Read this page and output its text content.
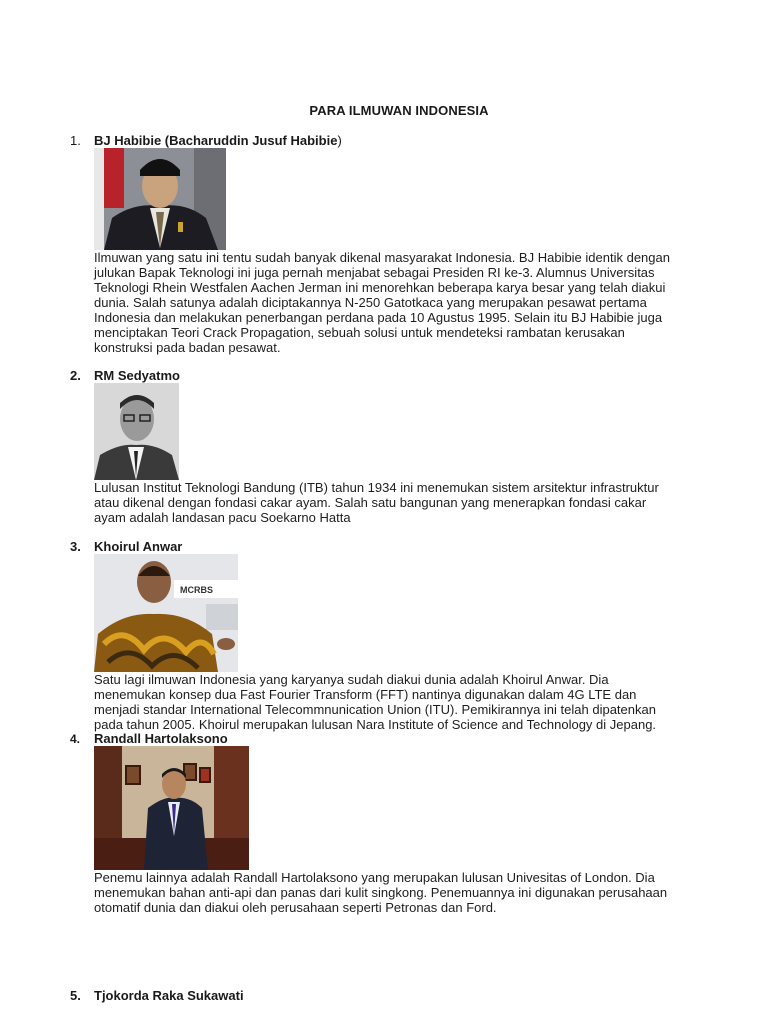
PARA ILMUWAN INDONESIA
1. BJ Habibie (Bacharuddin Jusuf Habibie)
Ilmuwan yang satu ini tentu sudah banyak dikenal masyarakat Indonesia. BJ Habibie identik dengan
julukan Bapak Teknologi ini juga pernah menjabat sebagai Presiden RI ke-3. Alumnus Universitas
Teknologi Rhein Westfalen Aachen Jerman ini menorehkan beberapa karya besar yang telah diakui
dunia. Salah satunya adalah diciptakannya N-250 Gatotkaca yang merupakan pesawat pertama
Indonesia dan melakukan penerbangan perdana pada 10 Agustus 1995. Selain itu BJ Habibie juga
menciptakan Teori Crack Propagation, sebuah solusi untuk mendeteksi rambatan kerusakan
konstruksi pada badan pesawat.
2. RM Sedyatmo
Lulusan Institut Teknologi Bandung (ITB) tahun 1934 ini menemukan sistem arsitektur infrastruktur
atau dikenal dengan fondasi cakar ayam. Salah satu bangunan yang menerapkan fondasi cakar
ayam adalah landasan pacu Soekarno Hatta
3. Khoirul Anwar
MCRBS
Satu lagi ilmuwan Indonesia yang karyanya sudah diakui dunia adalah Khoirul Anwar. Dia
menemukan konsep dua Fast Fourier Transform (FFT) nantinya digunakan dalam 4G LTE dan
menjadi standar International Telecommnunication Union (ITU). Pemikirannya ini telah dipatenkan
pada tahun 2005. Khoirul merupakan lulusan Nara Institute of Science and Technology di Jepang.
4. Randall Hartolaksono
Penemu lainnya adalah Randall Hartolaksono yang merupakan lulusan Univesitas of London. Dia
menemukan bahan anti-api dan panas dari kulit singkong. Penemuannya ini digunakan perusahaan
otomatif dunia dan diakui oleh perusahaan seperti Petronas dan Ford.
5. Tjokorda Raka Sukawati
